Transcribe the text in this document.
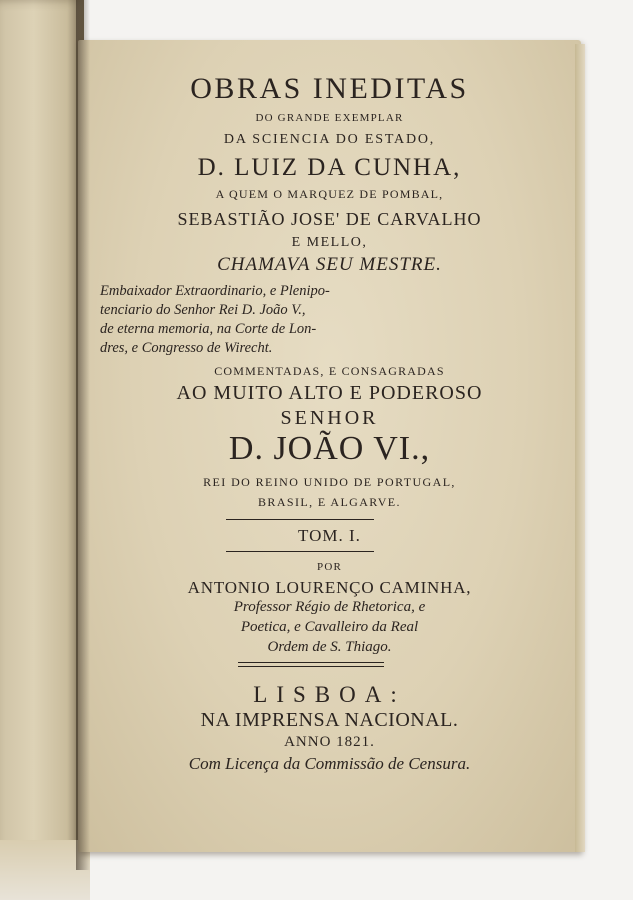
OBRAS INEDITAS
DO GRANDE EXEMPLAR
DA SCIENCIA DO ESTADO,
D. LUIZ DA CUNHA,
A QUEM O MARQUEZ DE POMBAL,
SEBASTIÃO JOSE' DE CARVALHO
E MELLO,
CHAMAVA SEU MESTRE.
Embaixador Extraordinario, e Plenipo-
tenciario do Senhor Rei D. João V.,
de eterna memoria, na Corte de Lon-
dres, e Congresso de Wirecht.
COMMENTADAS, E CONSAGRADAS
AO MUITO ALTO E PODEROSO
SENHOR
D. JOÃO VI.,
REI DO REINO UNIDO DE PORTUGAL,
BRASIL, E ALGARVE.
TOM. I.
POR
ANTONIO LOURENÇO CAMINHA,
Professor Régio de Rhetorica, e
Poetica, e Cavalleiro da Real
Ordem de S. Thiago.
LISBOA:
NA IMPRENSA NACIONAL.
ANNO 1821.
Com Licença da Commissão de Censura.
